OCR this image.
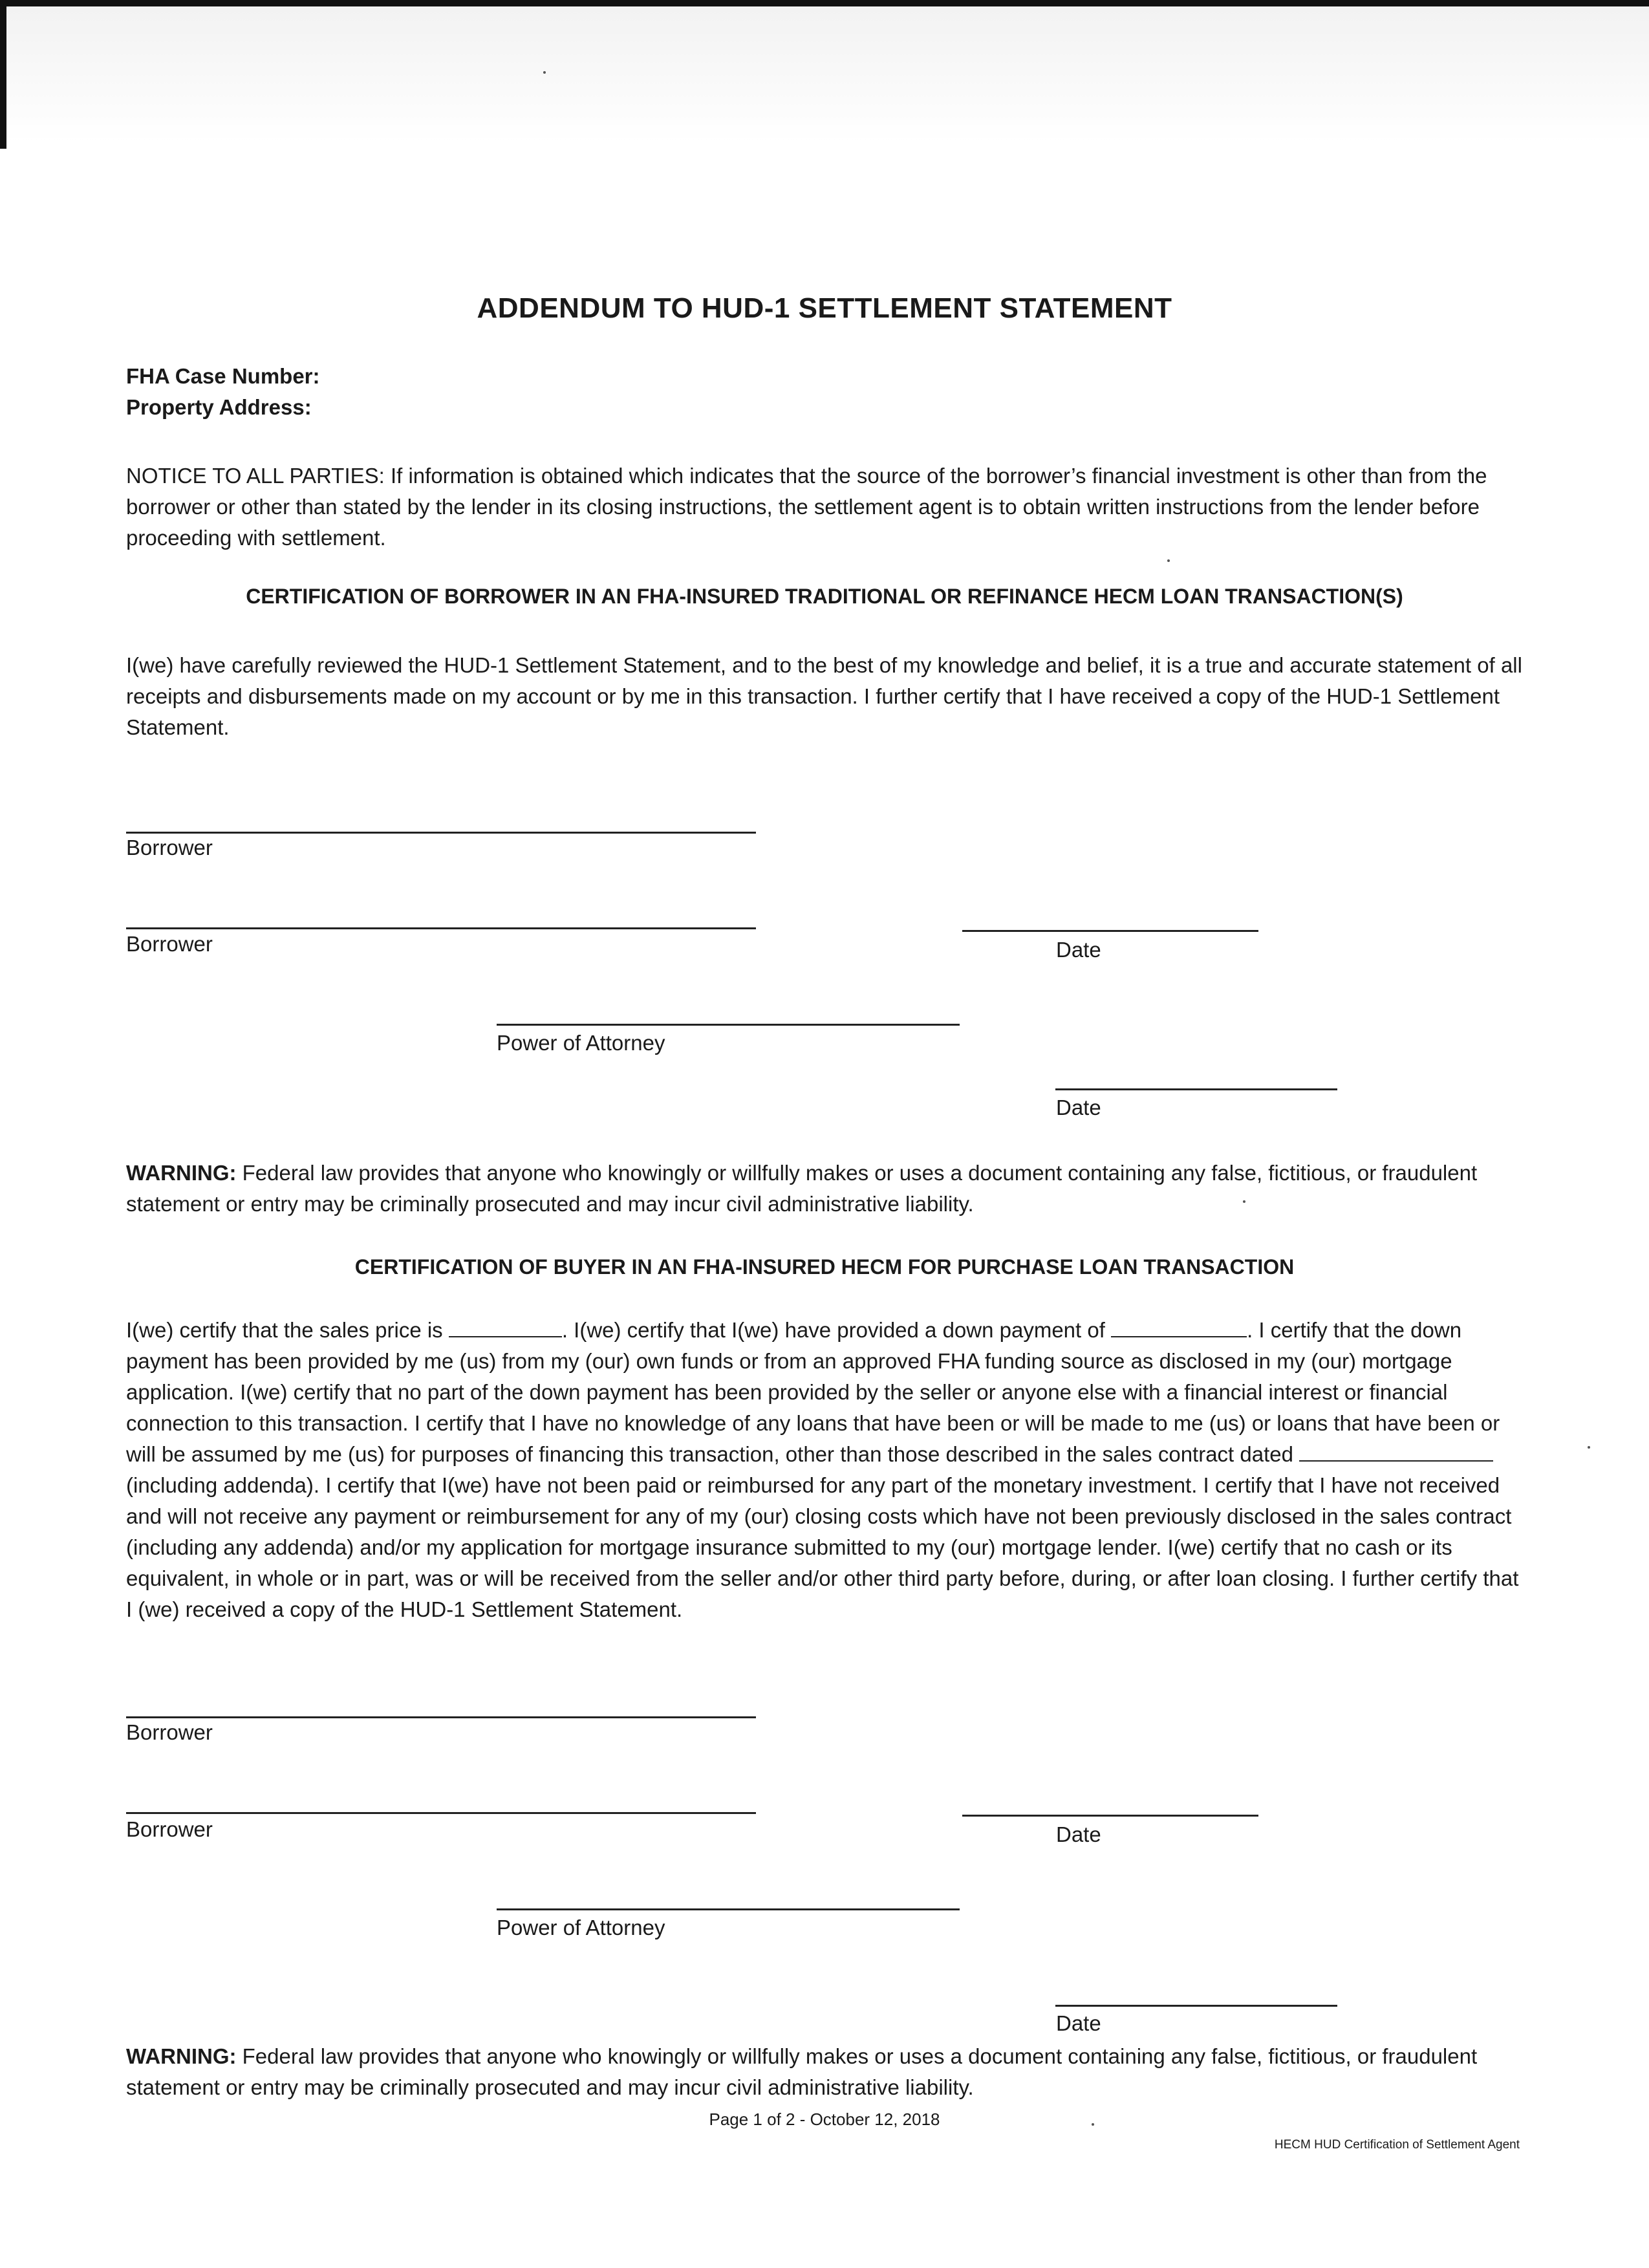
ADDENDUM TO HUD-1 SETTLEMENT STATEMENT
FHA Case Number:
Property Address:
NOTICE TO ALL PARTIES: If information is obtained which indicates that the source of the borrower’s financial investment is other than from the borrower or other than stated by the lender in its closing instructions, the settlement agent is to obtain written instructions from the lender before proceeding with settlement.
CERTIFICATION OF BORROWER IN AN FHA-INSURED TRADITIONAL OR REFINANCE HECM LOAN TRANSACTION(S)
I(we) have carefully reviewed the HUD-1 Settlement Statement, and to the best of my knowledge and belief, it is a true and accurate statement of all receipts and disbursements made on my account or by me in this transaction. I further certify that I have received a copy of the HUD-1 Settlement Statement.
Borrower
Borrower	Date
Power of Attorney
Date
WARNING: Federal law provides that anyone who knowingly or willfully makes or uses a document containing any false, fictitious, or fraudulent statement or entry may be criminally prosecuted and may incur civil administrative liability.
CERTIFICATION OF BUYER IN AN FHA-INSURED HECM FOR PURCHASE LOAN TRANSACTION
I(we) certify that the sales price is	. I(we) certify that I(we) have provided a down payment of	. I certify that the down payment has been provided by me (us) from my (our) own funds or from an approved FHA funding source as disclosed in my (our) mortgage application. I(we) certify that no part of the down payment has been provided by the seller or anyone else with a financial interest or financial connection to this transaction. I certify that I have no knowledge of any loans that have been or will be made to me (us) or loans that have been or will be assumed by me (us) for purposes of financing this transaction, other than those described in the sales contract dated  (including addenda). I certify that I(we) have not been paid or reimbursed for any part of the monetary investment. I certify that I have not received and will not receive any payment or reimbursement for any of my (our) closing costs which have not been previously disclosed in the sales contract (including any addenda) and/or my application for mortgage insurance submitted to my (our) mortgage lender. I(we) certify that no cash or its equivalent, in whole or in part, was or will be received from the seller and/or other third party before, during, or after loan closing. I further certify that I (we) received a copy of the HUD-1 Settlement Statement.
Borrower
Borrower	Date
Power of Attorney
Date
WARNING: Federal law provides that anyone who knowingly or willfully makes or uses a document containing any false, fictitious, or fraudulent statement or entry may be criminally prosecuted and may incur civil administrative liability.
Page 1 of 2 - October 12, 2018
HECM HUD Certification of Settlement Agent
